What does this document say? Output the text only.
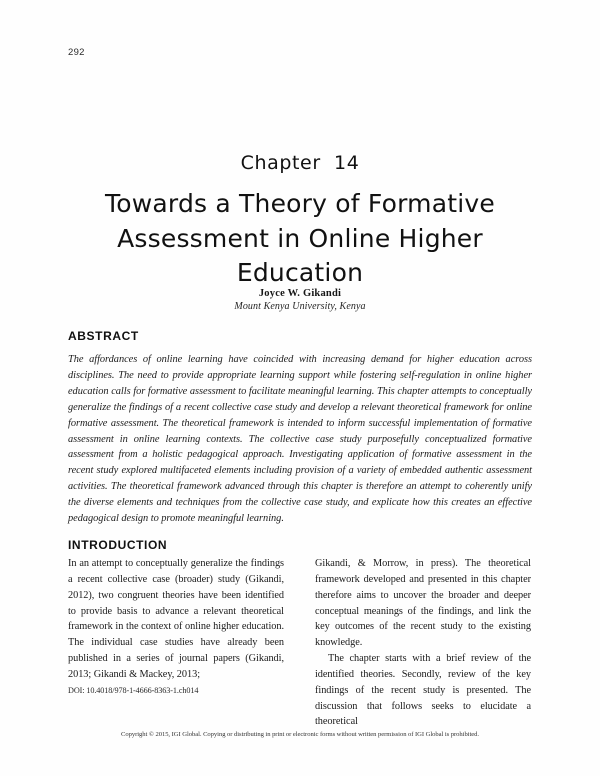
292
Chapter  14
Towards a Theory of Formative Assessment in Online Higher Education
Joyce W. Gikandi
Mount Kenya University, Kenya
ABSTRACT
The affordances of online learning have coincided with increasing demand for higher education across disciplines. The need to provide appropriate learning support while fostering self-regulation in online higher education calls for formative assessment to facilitate meaningful learning. This chapter attempts to conceptually generalize the findings of a recent collective case study and develop a relevant theoretical framework for online formative assessment. The theoretical framework is intended to inform successful implementation of formative assessment in online learning contexts. The collective case study purposefully conceptualized formative assessment from a holistic pedagogical approach. Investigating application of formative assessment in the recent study explored multifaceted elements including provision of a variety of embedded authentic assessment activities. The theoretical framework advanced through this chapter is therefore an attempt to coherently unify the diverse elements and techniques from the collective case study, and explicate how this creates an effective pedagogical design to promote meaningful learning.
INTRODUCTION

In an attempt to conceptually generalize the findings a recent collective case (broader) study (Gikandi, 2012), two congruent theories have been identified to provide basis to advance a relevant theoretical framework in the context of online higher education. The individual case studies have already been published in a series of journal papers (Gikandi, 2013; Gikandi & Mackey, 2013;

Gikandi, & Morrow, in press). The theoretical framework developed and presented in this chapter therefore aims to uncover the broader and deeper conceptual meanings of the findings, and link the key outcomes of the recent study to the existing knowledge.

The chapter starts with a brief review of the identified theories. Secondly, review of the key findings of the recent study is presented. The discussion that follows seeks to elucidate a theoretical

DOI: 10.4018/978-1-4666-8363-1.ch014
Copyright © 2015, IGI Global. Copying or distributing in print or electronic forms without written permission of IGI Global is prohibited.
